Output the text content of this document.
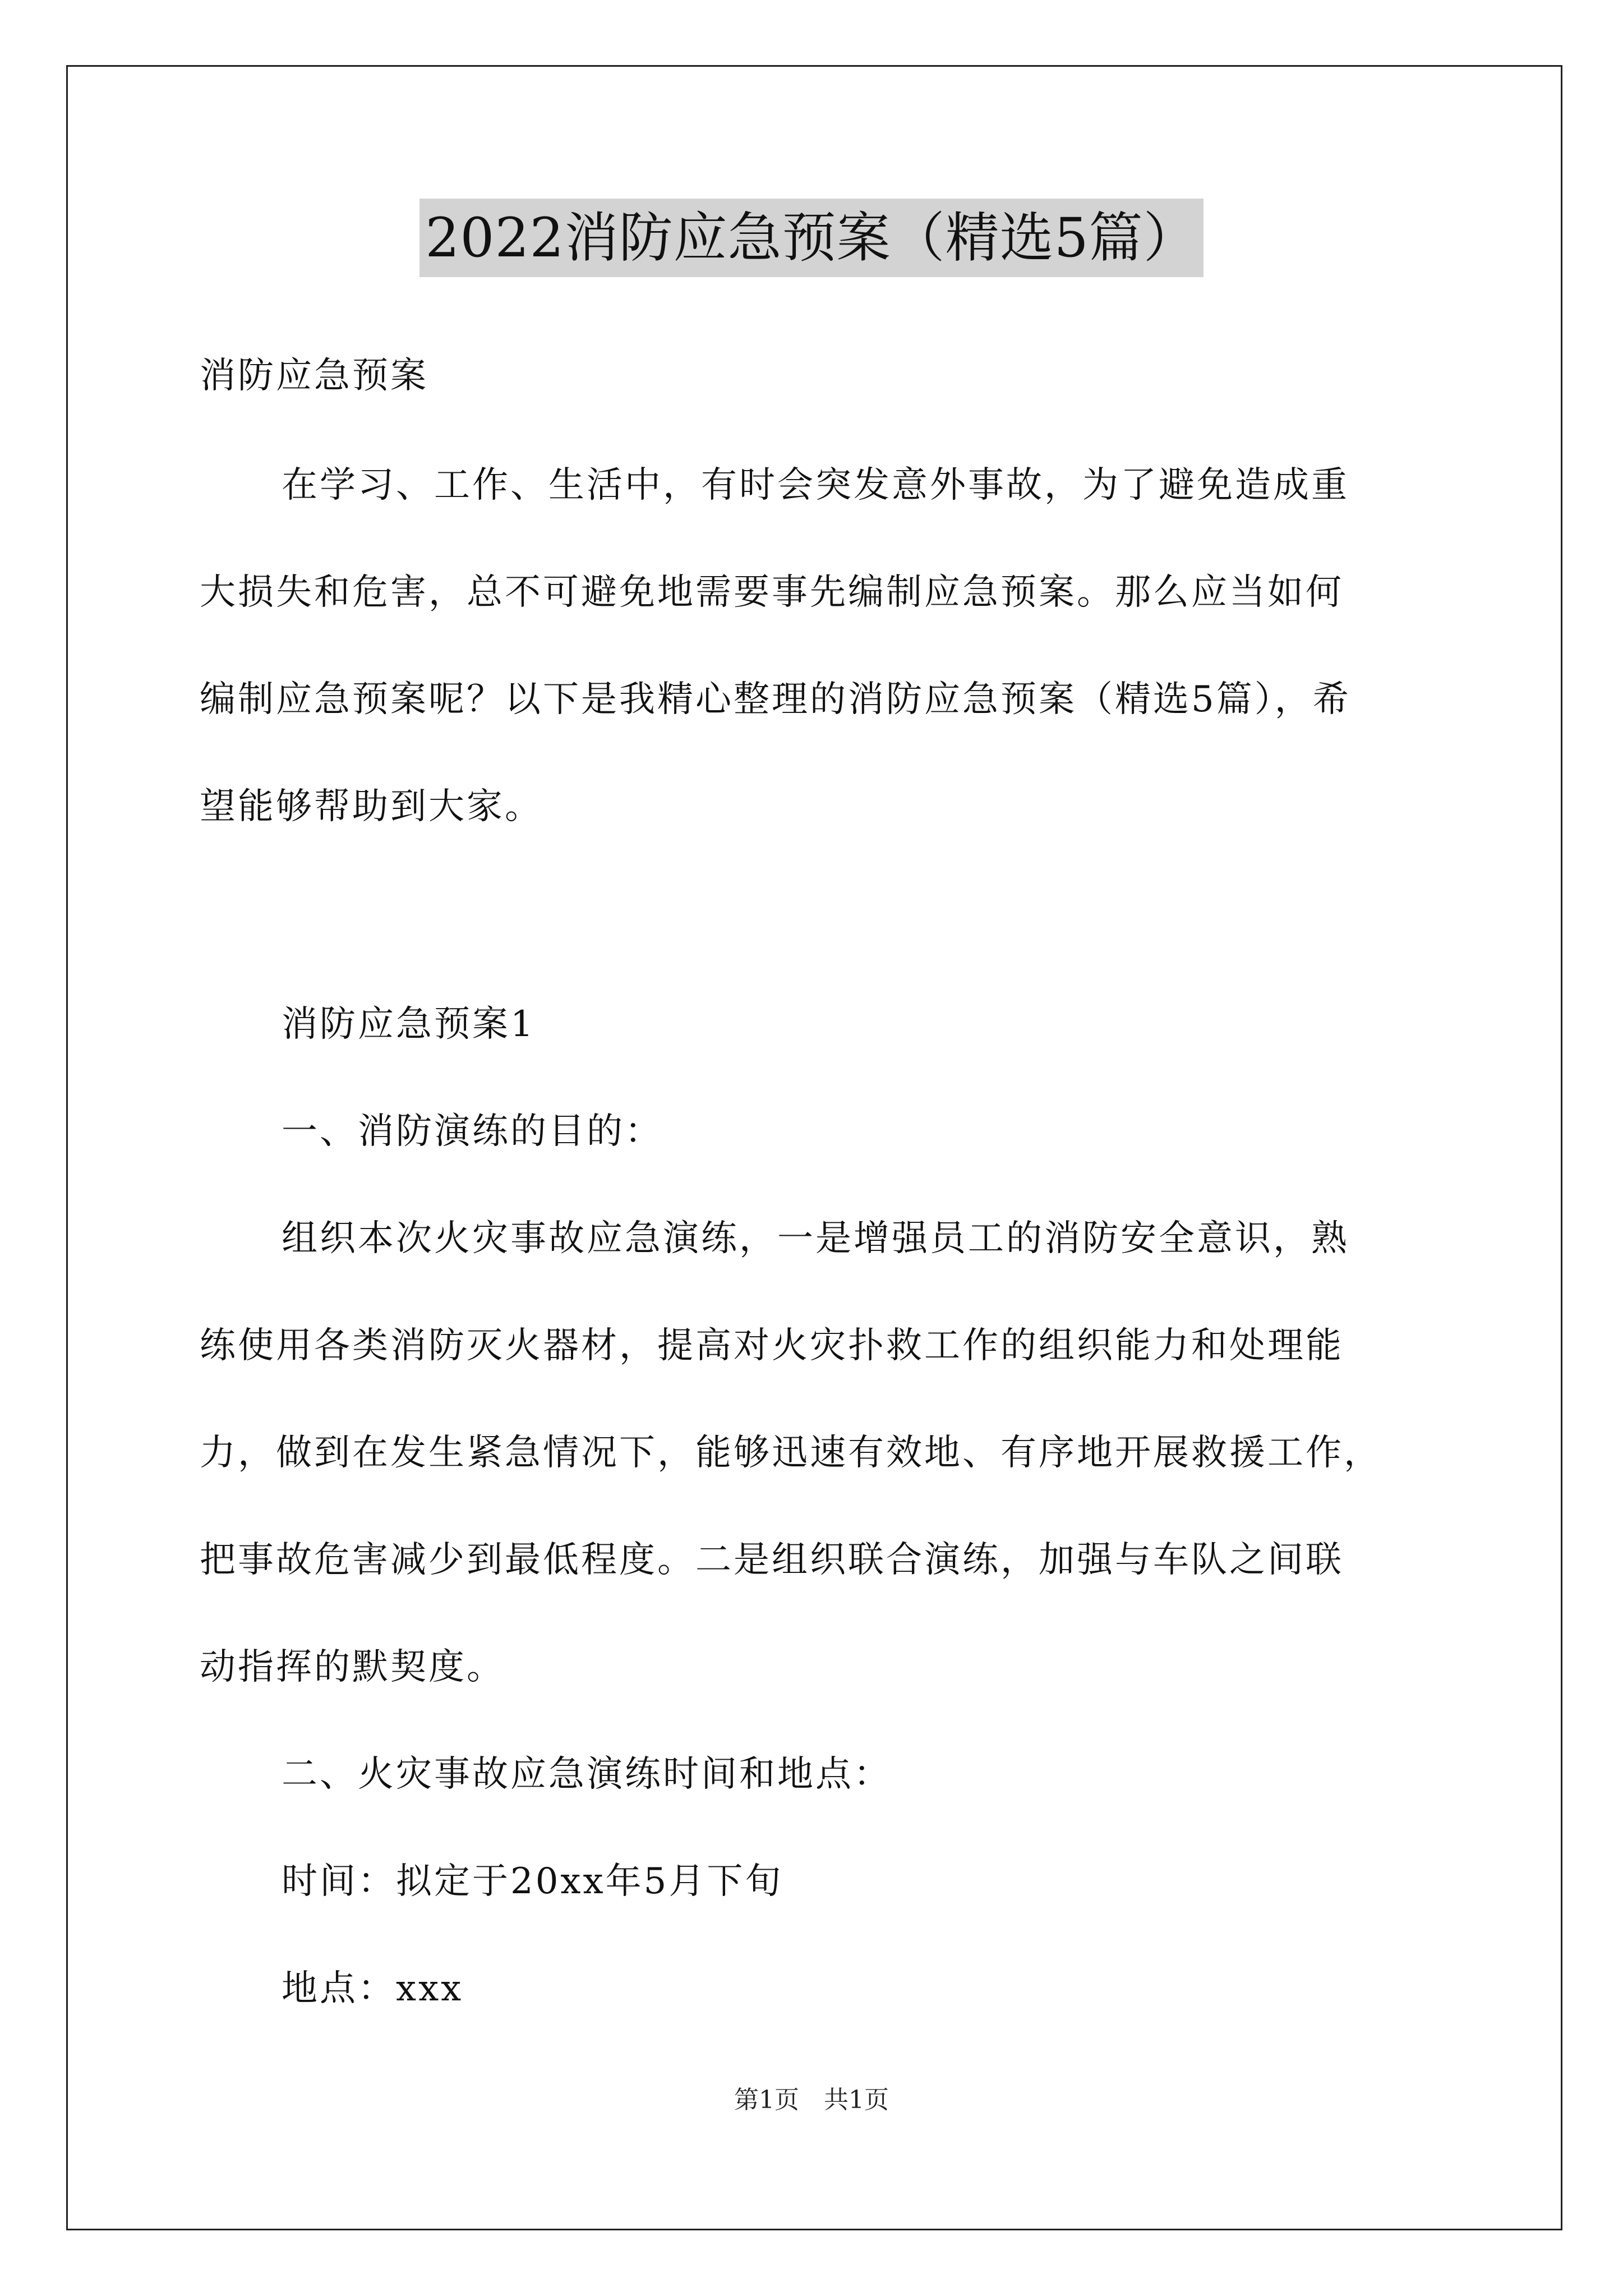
2022消防应急预案（精选5篇）
消防应急预案
在学习、工作、生活中，有时会突发意外事故，为了避免造成重
大损失和危害，总不可避免地需要事先编制应急预案。那么应当如何
编制应急预案呢？以下是我精心整理的消防应急预案（精选5篇），希
望能够帮助到大家。
消防应急预案1
一、消防演练的目的：
组织本次火灾事故应急演练，一是增强员工的消防安全意识，熟
练使用各类消防灭火器材，提高对火灾扑救工作的组织能力和处理能
力，做到在发生紧急情况下，能够迅速有效地、有序地开展救援工作，
把事故危害减少到最低程度。二是组织联合演练，加强与车队之间联
动指挥的默契度。
二、火灾事故应急演练时间和地点：
时间：拟定于20xx年5月下旬
地点：xxx
第1页　共1页
